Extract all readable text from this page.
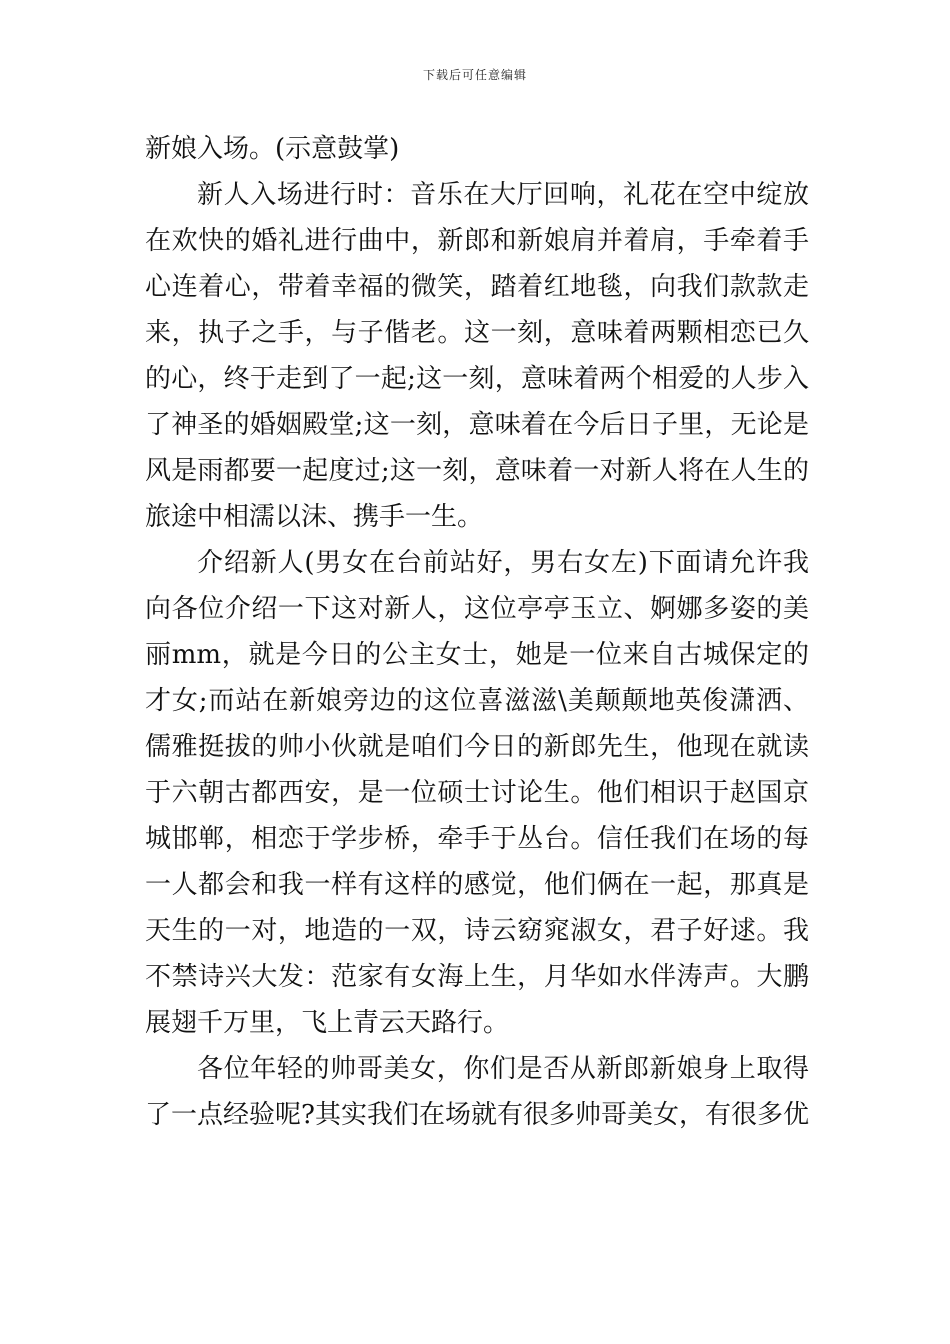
下载后可任意编辑

新娘入场。(示意鼓掌)

新人入场进行时：音乐在大厅回响，礼花在空中绽放在欢快的婚礼进行曲中，新郎和新娘肩并着肩，手牵着手心连着心，带着幸福的微笑，踏着红地毯，向我们款款走来，执子之手，与子偕老。这一刻，意味着两颗相恋已久的心，终于走到了一起;这一刻，意味着两个相爱的人步入了神圣的婚姻殿堂;这一刻，意味着在今后日子里，无论是风是雨都要一起度过;这一刻，意味着一对新人将在人生的旅途中相濡以沫、携手一生。

介绍新人(男女在台前站好，男右女左)下面请允许我向各位介绍一下这对新人，这位亭亭玉立、婀娜多姿的美丽mm，就是今日的公主女士，她是一位来自古城保定的才女;而站在新娘旁边的这位喜滋滋\美颠颠地英俊潇洒、儒雅挺拔的帅小伙就是咱们今日的新郎先生，他现在就读于六朝古都西安，是一位硕士讨论生。他们相识于赵国京城邯郸，相恋于学步桥，牵手于丛台。信任我们在场的每一人都会和我一样有这样的感觉，他们俩在一起，那真是天生的一对，地造的一双，诗云窈窕淑女，君子好逑。我不禁诗兴大发：范家有女海上生，月华如水伴涛声。大鹏展翅千万里，飞上青云天路行。

各位年轻的帅哥美女，你们是否从新郎新娘身上取得了一点经验呢?其实我们在场就有很多帅哥美女，有很多优
